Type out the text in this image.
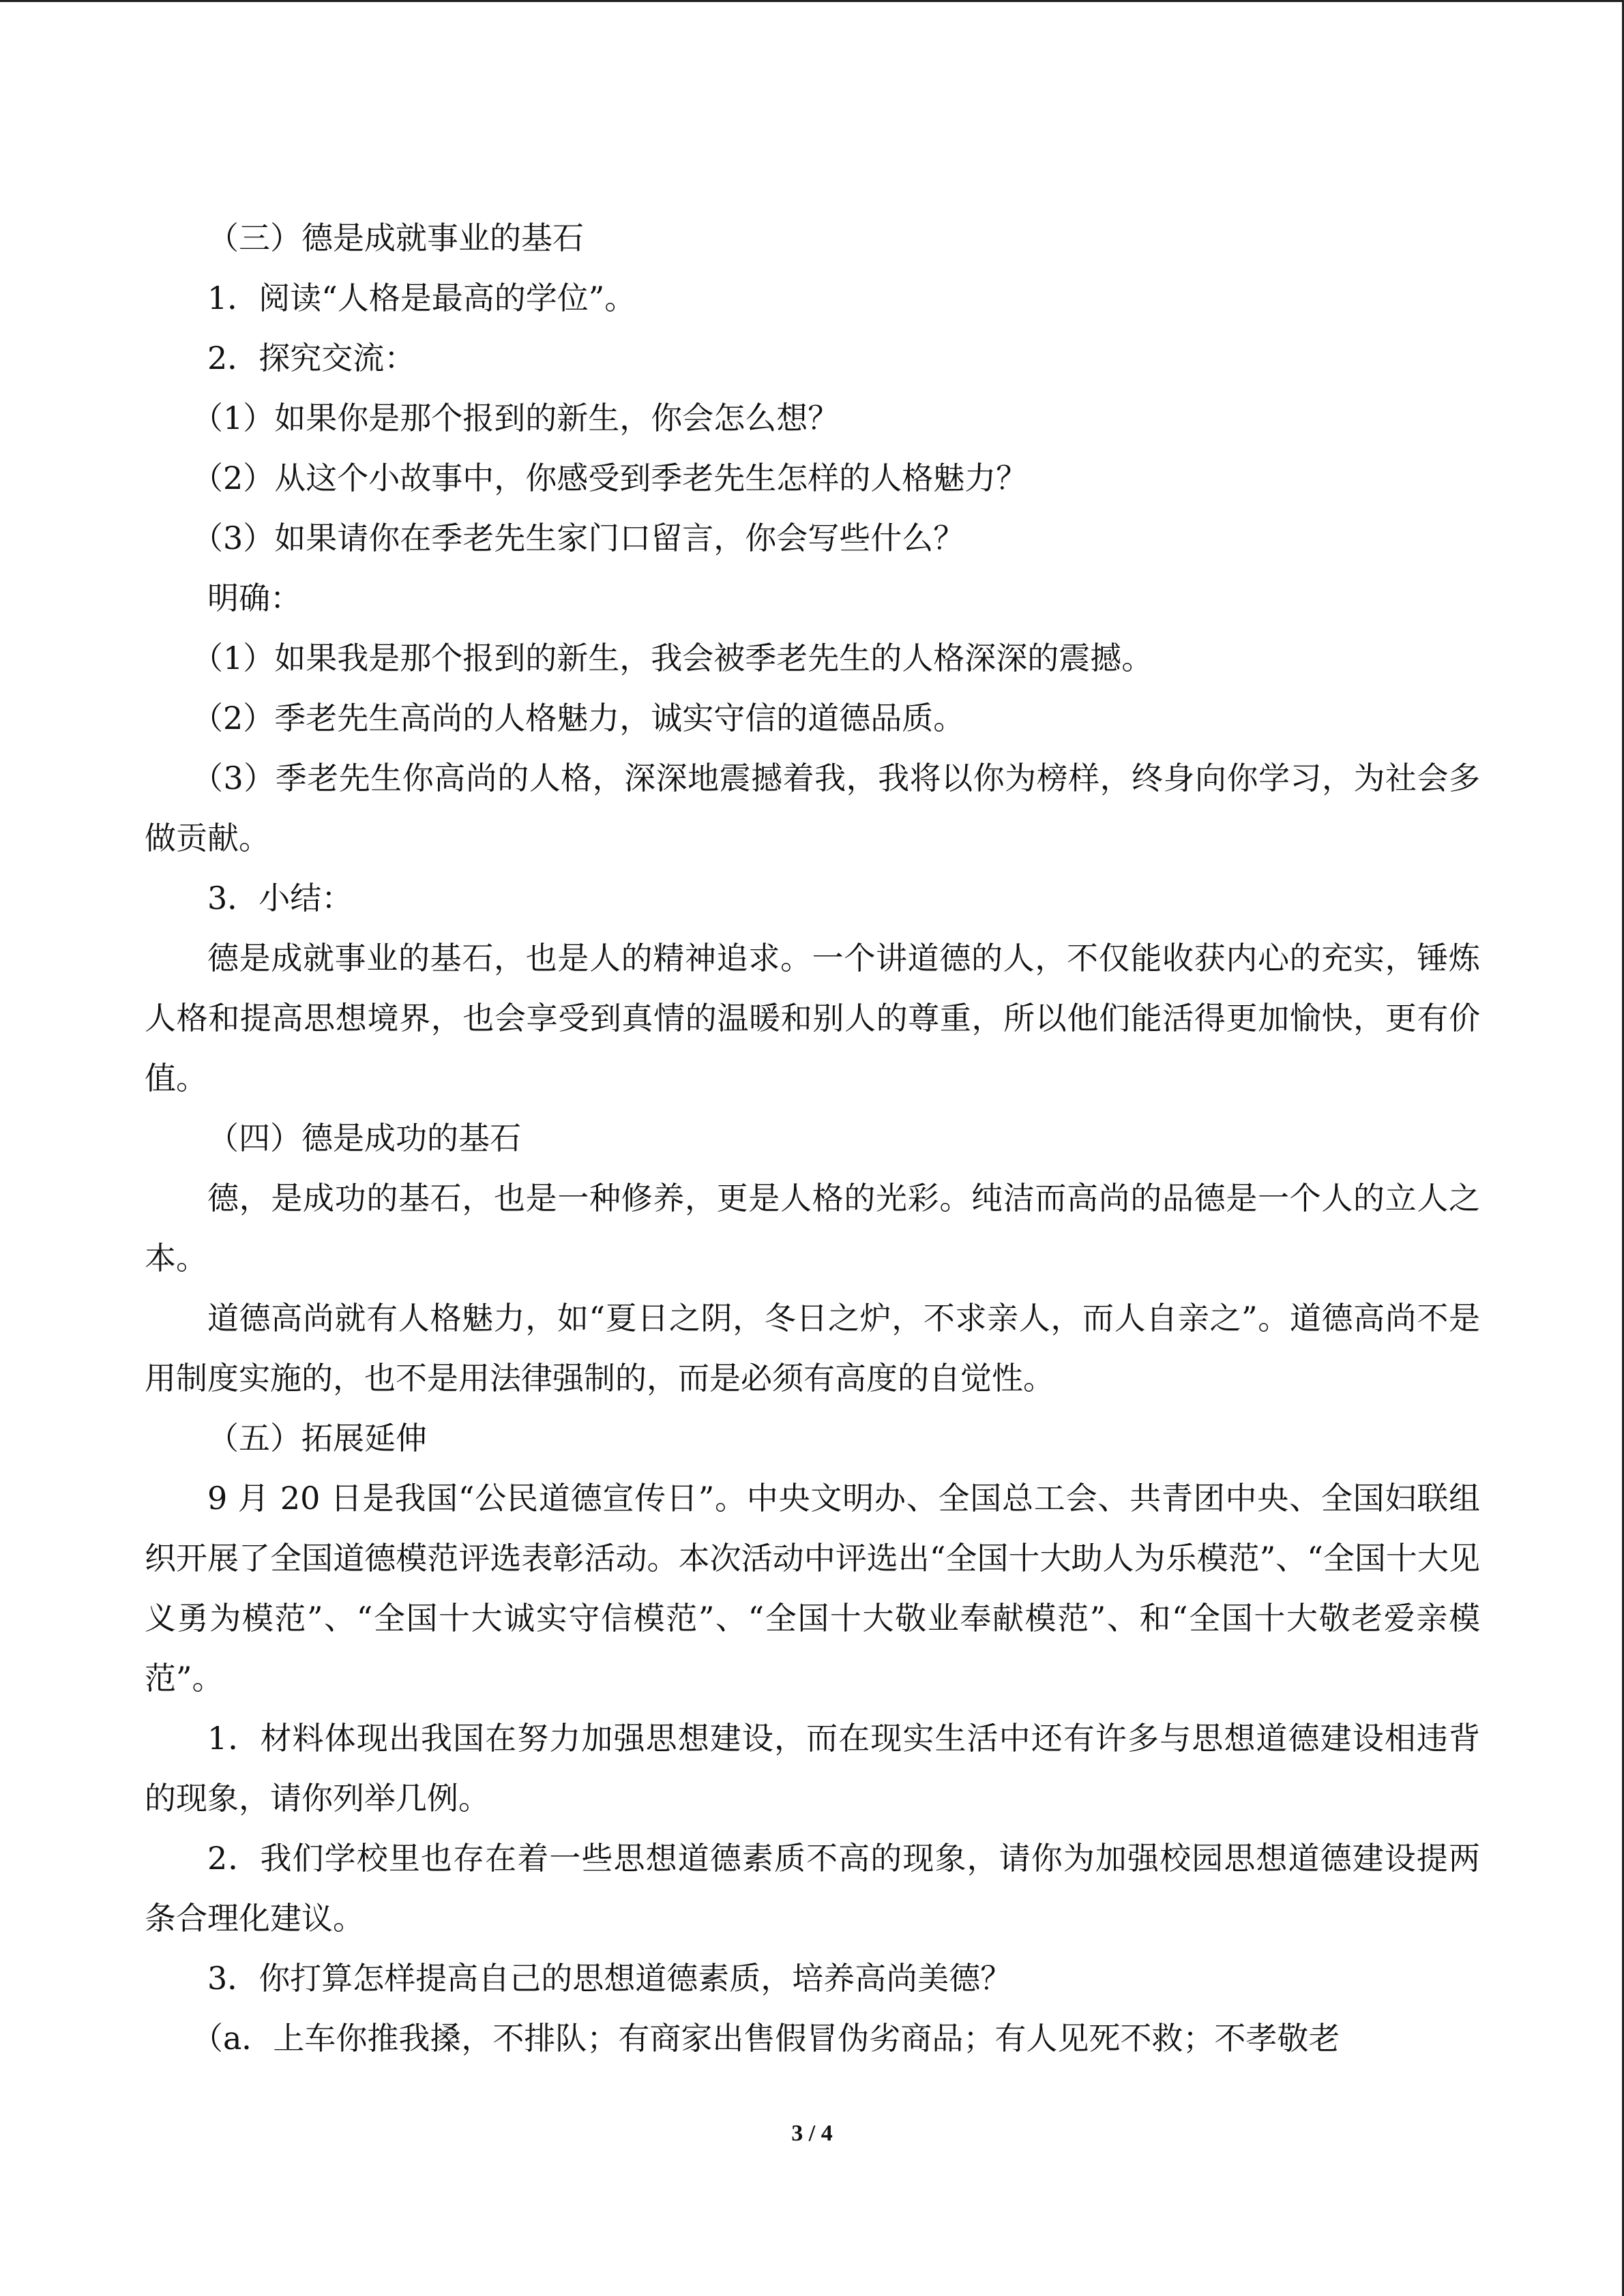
（三）德是成就事业的基石

1．阅读“人格是最高的学位”。

2．探究交流：

（1）如果你是那个报到的新生，你会怎么想？

（2）从这个小故事中，你感受到季老先生怎样的人格魅力？

（3）如果请你在季老先生家门口留言，你会写些什么？

明确：

（1）如果我是那个报到的新生，我会被季老先生的人格深深的震撼。

（2）季老先生高尚的人格魅力，诚实守信的道德品质。

（3）季老先生你高尚的人格，深深地震撼着我，我将以你为榜样，终身向你学习，为社会多做贡献。

3．小结：

德是成就事业的基石，也是人的精神追求。一个讲道德的人，不仅能收获内心的充实，锤炼人格和提高思想境界，也会享受到真情的温暖和别人的尊重，所以他们能活得更加愉快，更有价值。

（四）德是成功的基石

德，是成功的基石，也是一种修养，更是人格的光彩。纯洁而高尚的品德是一个人的立人之本。

道德高尚就有人格魅力，如“夏日之阴，冬日之炉，不求亲人，而人自亲之”。道德高尚不是用制度实施的，也不是用法律强制的，而是必须有高度的自觉性。

（五）拓展延伸

9 月 20 日是我国“公民道德宣传日”。中央文明办、全国总工会、共青团中央、全国妇联组织开展了全国道德模范评选表彰活动。本次活动中评选出“全国十大助人为乐模范”、“全国十大见义勇为模范”、“全国十大诚实守信模范”、“全国十大敬业奉献模范”、和“全国十大敬老爱亲模范”。

1．材料体现出我国在努力加强思想建设，而在现实生活中还有许多与思想道德建设相违背的现象，请你列举几例。

2．我们学校里也存在着一些思想道德素质不高的现象，请你为加强校园思想道德建设提两条合理化建议。

3．你打算怎样提高自己的思想道德素质，培养高尚美德？

（a．上车你推我搡，不排队；有商家出售假冒伪劣商品；有人见死不救；不孝敬老

3 / 4
